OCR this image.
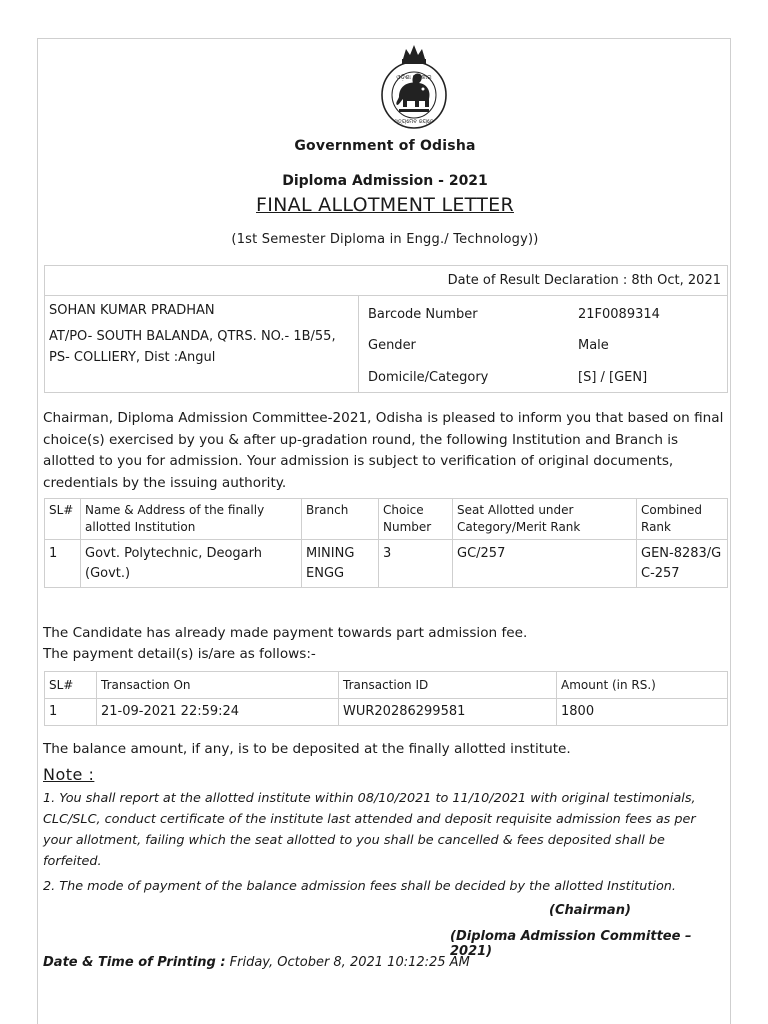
ଓଡ଼ିଶା ସରକାର
ସତ୍ୟମେବ ଜୟତେ
Government of Odisha
Diploma Admission - 2021
FINAL ALLOTMENT LETTER
(1st Semester Diploma in Engg./ Technology))
Date of Result Declaration : 8th Oct, 2021
SOHAN KUMAR PRADHAN
AT/PO- SOUTH BALANDA, QTRS. NO.- 1B/55, PS- COLLIERY, Dist :Angul
Barcode Number	21F0089314
Gender	Male
Domicile/Category	[S] / [GEN]
Chairman, Diploma Admission Committee-2021, Odisha is pleased to inform you that based on final choice(s) exercised by you & after up-gradation round, the following Institution and Branch is allotted to you for admission. Your admission is subject to verification of original documents, credentials by the issuing authority.
SL#	Name & Address of the finally allotted Institution	Branch	Choice Number	Seat Allotted under Category/Merit Rank	Combined Rank
1	Govt. Polytechnic, Deogarh (Govt.)	MINING ENGG	3	GC/257	GEN-8283/GC-257
The Candidate has already made payment towards part admission fee.
The payment detail(s) is/are as follows:-
SL#	Transaction On	Transaction ID	Amount (in RS.)
1	21-09-2021 22:59:24	WUR20286299581	1800
The balance amount, if any, is to be deposited at the finally allotted institute.
Note :
1. You shall report at the allotted institute within 08/10/2021 to 11/10/2021 with original testimonials, CLC/SLC, conduct certificate of the institute last attended and deposit requisite admission fees as per your allotment, failing which the seat allotted to you shall be cancelled & fees deposited shall be forfeited.
2. The mode of payment of the balance admission fees shall be decided by the allotted Institution.
(Chairman)
(Diploma Admission Committee – 2021)
Date & Time of Printing : Friday, October 8, 2021 10:12:25 AM
